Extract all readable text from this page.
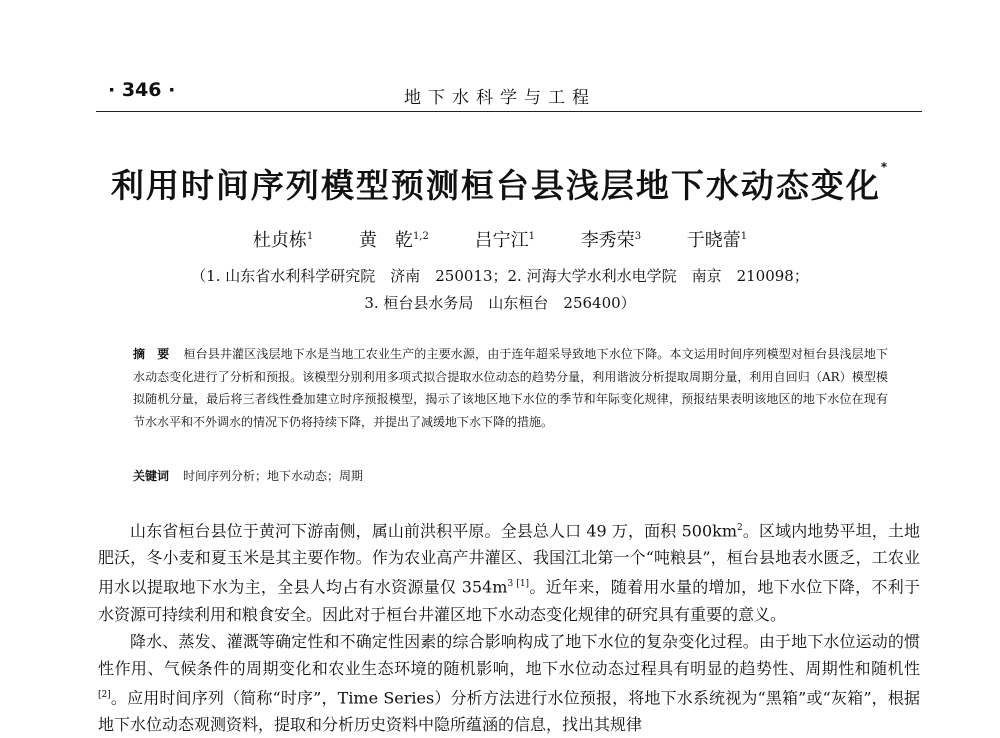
· 346 ·	地下水科学与工程
利用时间序列模型预测桓台县浅层地下水动态变化*
杜贞栋$^1$	黄　乾$^{1,2}$	吕宁江$^1$	李秀荣$^3$	于晓蕾$^1$
（1. 山东省水利科学研究院　济南　250013；2. 河海大学水利水电学院　南京　210098；
3. 桓台县水务局　山东桓台　256400）
摘　要 桓台县井灌区浅层地下水是当地工农业生产的主要水源，由于连年超采导致地下水位下降。本文运用时间序列模型对桓台县浅层地下水动态变化进行了分析和预报。该模型分别利用多项式拟合提取水位动态的趋势分量，利用谐波分析提取周期分量，利用自回归（AR）模型模拟随机分量，最后将三者线性叠加建立时序预报模型，揭示了该地区地下水位的季节和年际变化规律，预报结果表明该地区的地下水位在现有节水水平和不外调水的情况下仍将持续下降，并提出了减缓地下水下降的措施。
关键词 时间序列分析；地下水动态；周期

山东省桓台县位于黄河下游南侧，属山前洪积平原。全县总人口 49 万，面积 $500km^2$。区域内地势平坦，土地肥沃，冬小麦和夏玉米是其主要作物。作为农业高产井灌区、我国江北第一个“吨粮县”，桓台县地表水匮乏，工农业用水以提取地下水为主，全县人均占有水资源量仅 $354m^{3 [1]}$。近年来，随着用水量的增加，地下水位下降，不利于水资源可持续利用和粮食安全。因此对于桓台井灌区地下水动态变化规律的研究具有重要的意义。

降水、蒸发、灌溉等确定性和不确定性因素的综合影响构成了地下水位的复杂变化过程。由于地下水位运动的惯性作用、气候条件的周期变化和农业生态环境的随机影响，地下水位动态过程具有明显的趋势性、周期性和随机性[2]。应用时间序列（简称“时序”，Time Series）分析方法进行水位预报，将地下水系统视为“黑箱”或“灰箱”，根据地下水位动态观测资料，提取和分析历史资料中隐所蕴涵的信息，找出其规律
